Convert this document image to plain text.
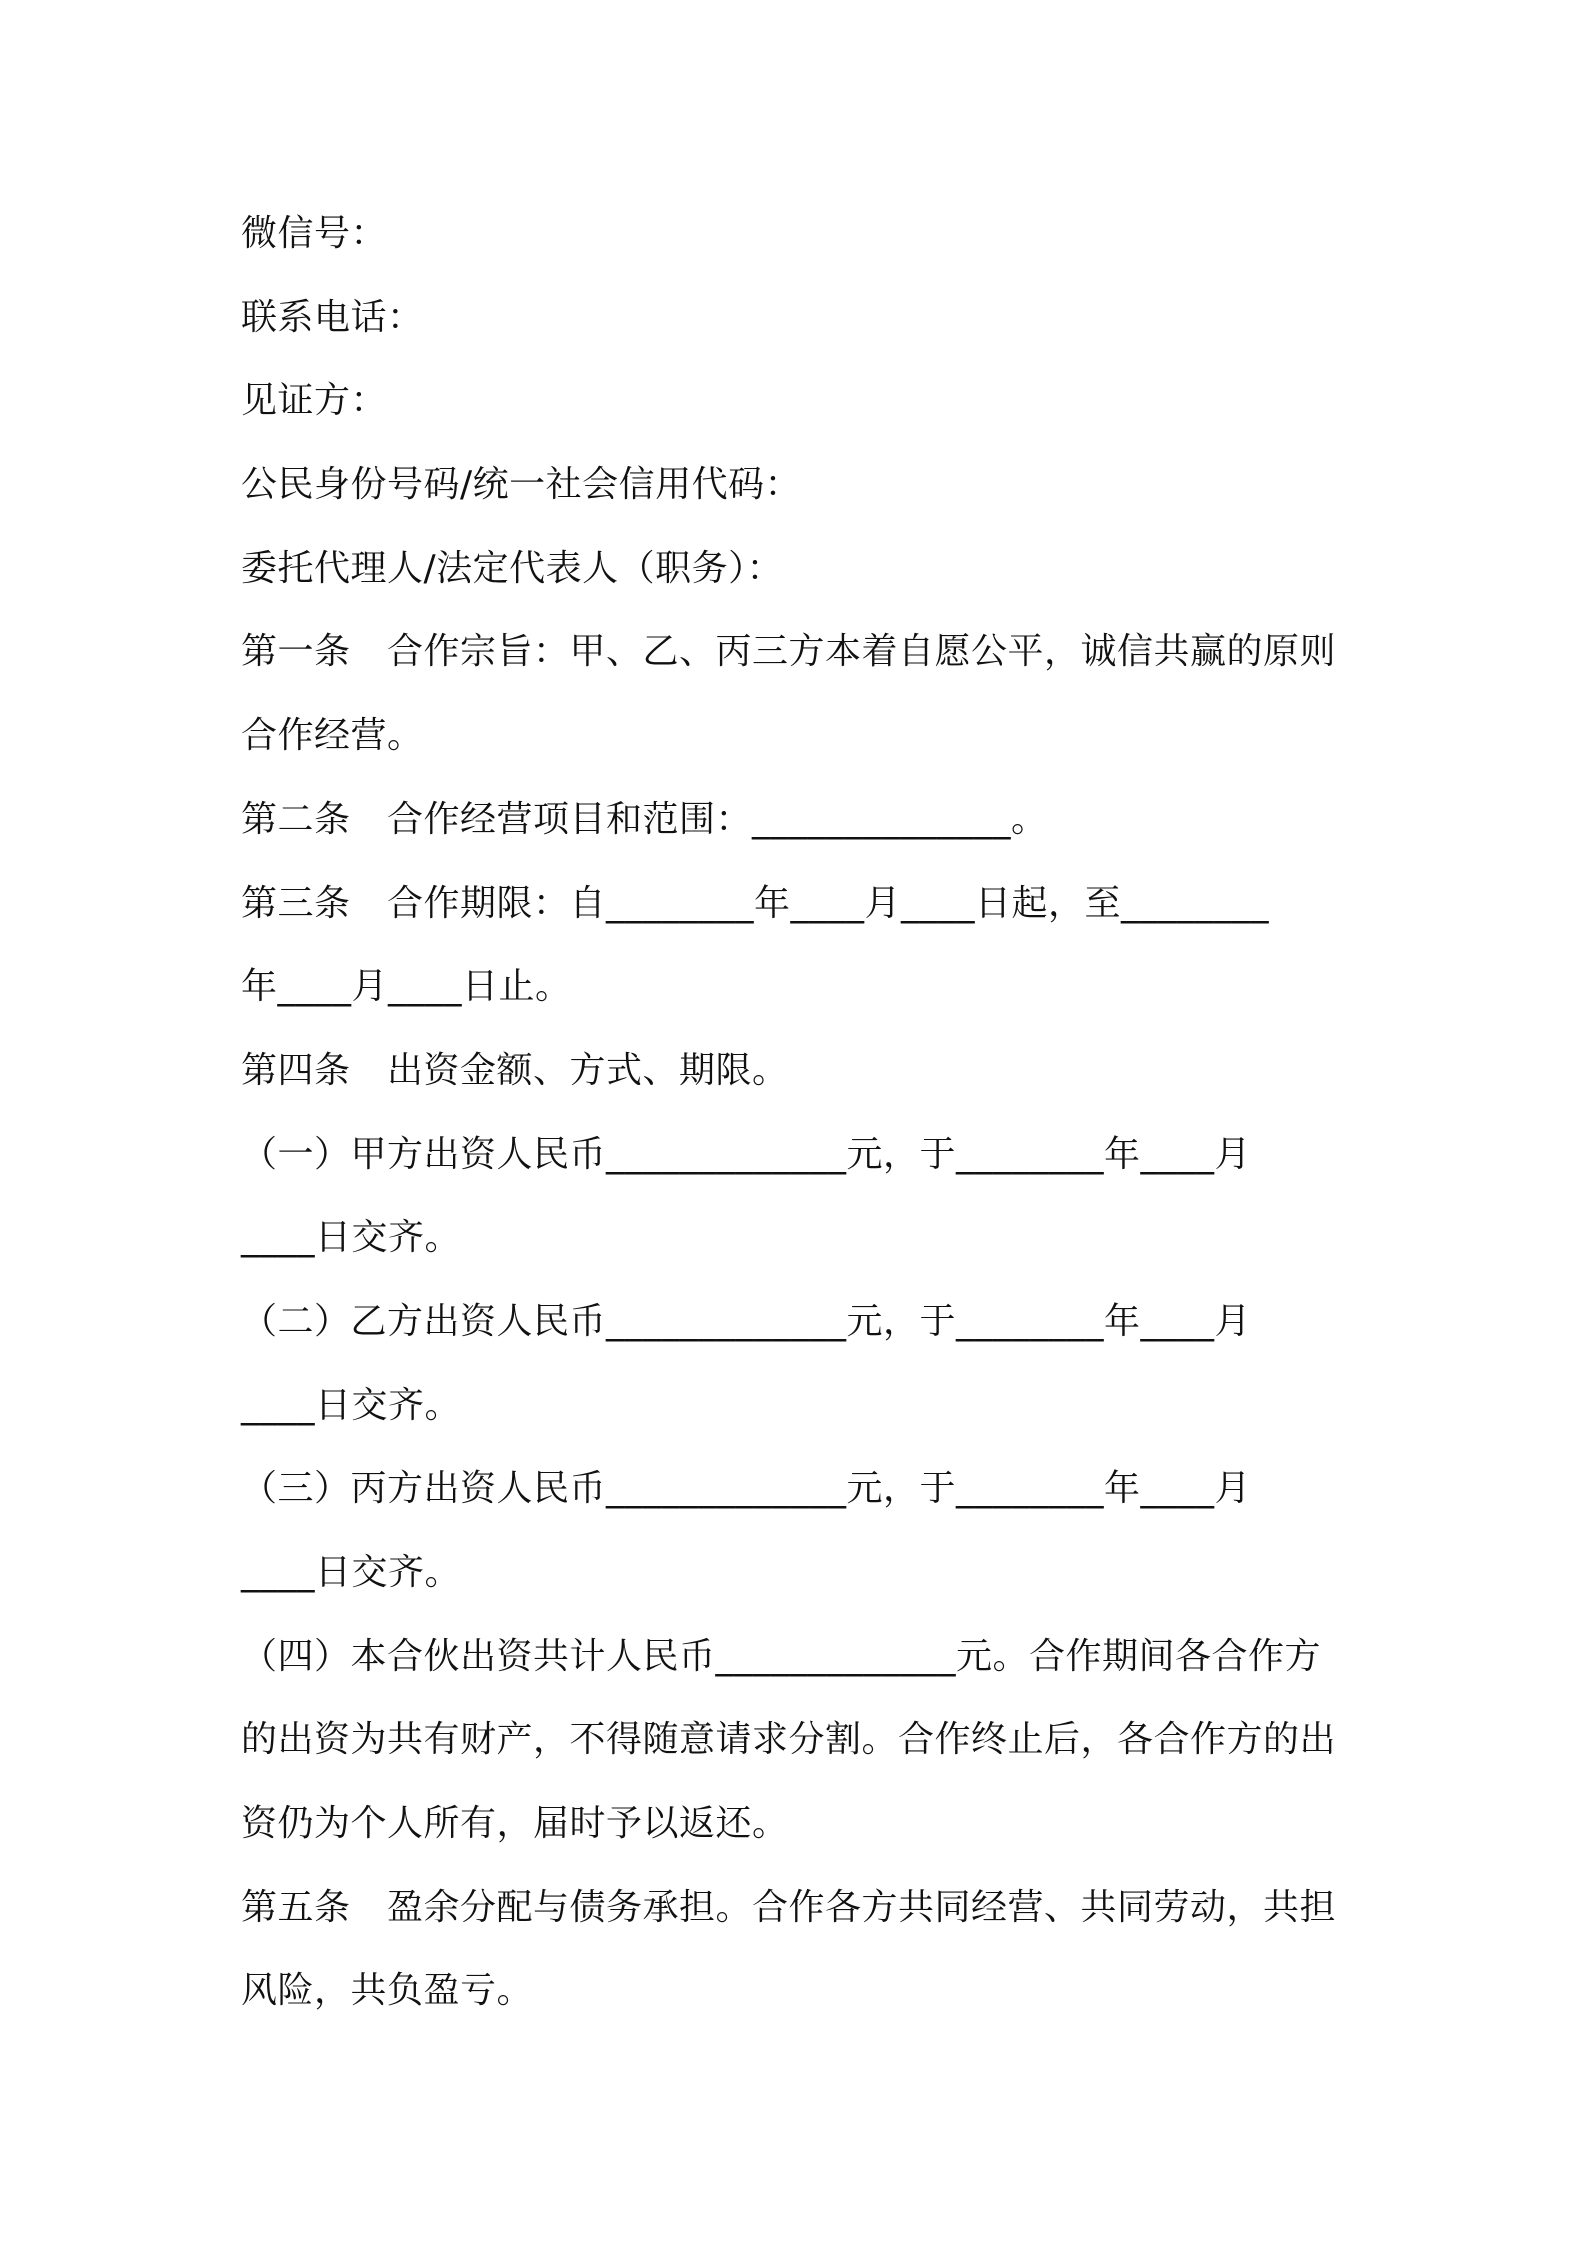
微信号：
联系电话：
见证方：
公民身份号码/统一社会信用代码：
委托代理人/法定代表人（职务）：
第一条　合作宗旨：甲、乙、丙三方本着自愿公平，诚信共赢的原则
合作经营。
第二条　合作经营项目和范围：______________。
第三条　合作期限：自________年____月____日起，至________
年____月____日止。
第四条　出资金额、方式、期限。
（一）甲方出资人民币_____________元，于________年____月
____日交齐。
（二）乙方出资人民币_____________元，于________年____月
____日交齐。
（三）丙方出资人民币_____________元，于________年____月
____日交齐。
（四）本合伙出资共计人民币_____________元。合作期间各合作方
的出资为共有财产，不得随意请求分割。合作终止后，各合作方的出
资仍为个人所有，届时予以返还。
第五条　盈余分配与债务承担。合作各方共同经营、共同劳动，共担
风险，共负盈亏。
